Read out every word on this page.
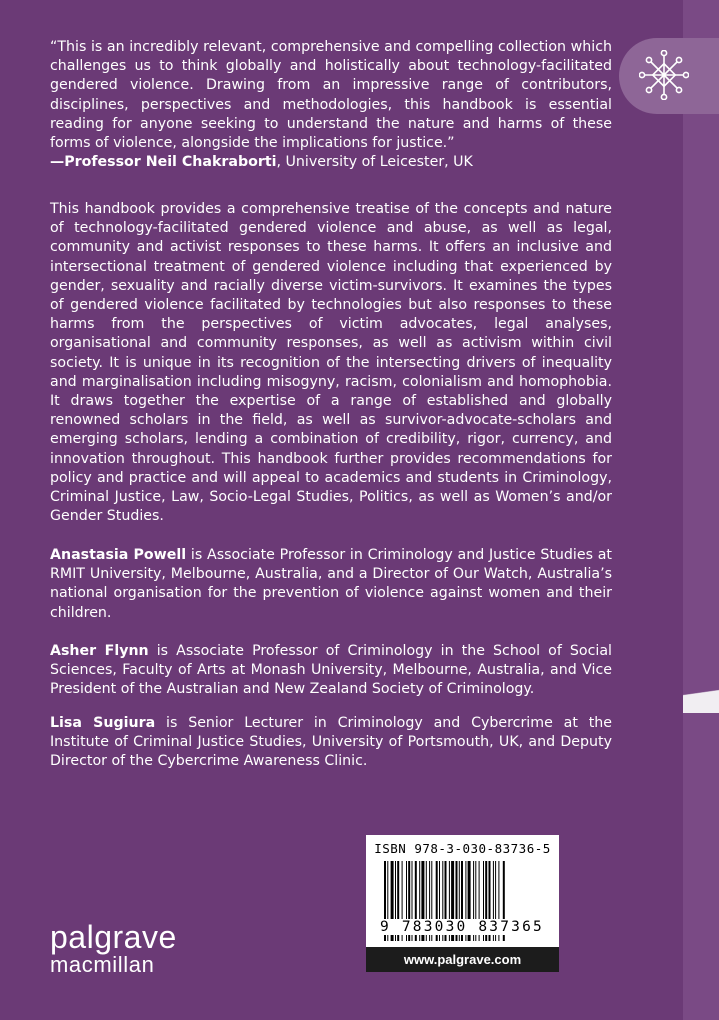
“This is an incredibly relevant, comprehensive and compelling collection which challenges us to think globally and holistically about technology-facilitated gendered violence. Drawing from an impressive range of contributors, disciplines, perspectives and methodologies, this handbook is essential reading for anyone seeking to understand the nature and harms of these forms of violence, alongside the implications for justice.”
—Professor Neil Chakraborti, University of Leicester, UK
This handbook provides a comprehensive treatise of the concepts and nature of technology-facilitated gendered violence and abuse, as well as legal, community and activist responses to these harms. It offers an inclusive and intersectional treatment of gendered violence including that experienced by gender, sexuality and racially diverse victim-survivors. It examines the types of gendered violence facilitated by technologies but also responses to these harms from the perspectives of victim advocates, legal analyses, organisational and community responses, as well as activism within civil society. It is unique in its recognition of the intersecting drivers of inequality and marginalisation including misogyny, racism, colonialism and homophobia. It draws together the expertise of a range of established and globally renowned scholars in the field, as well as survivor-advocate-scholars and emerging scholars, lending a combination of credibility, rigor, currency, and innovation throughout. This handbook further provides recommendations for policy and practice and will appeal to academics and students in Criminology, Criminal Justice, Law, Socio-Legal Studies, Politics, as well as Women’s and/or Gender Studies.
Anastasia Powell is Associate Professor in Criminology and Justice Studies at RMIT University, Melbourne, Australia, and a Director of Our Watch, Australia’s national organisation for the prevention of violence against women and their children.
Asher Flynn is Associate Professor of Criminology in the School of Social Sciences, Faculty of Arts at Monash University, Melbourne, Australia, and Vice President of the Australian and New Zealand Society of Criminology.
Lisa Sugiura is Senior Lecturer in Criminology and Cybercrime at the Institute of Criminal Justice Studies, University of Portsmouth, UK, and Deputy Director of the Cybercrime Awareness Clinic.
ISBN 978-3-030-83736-5
9 783030 837365
www.palgrave.com
palgrave
macmillan
